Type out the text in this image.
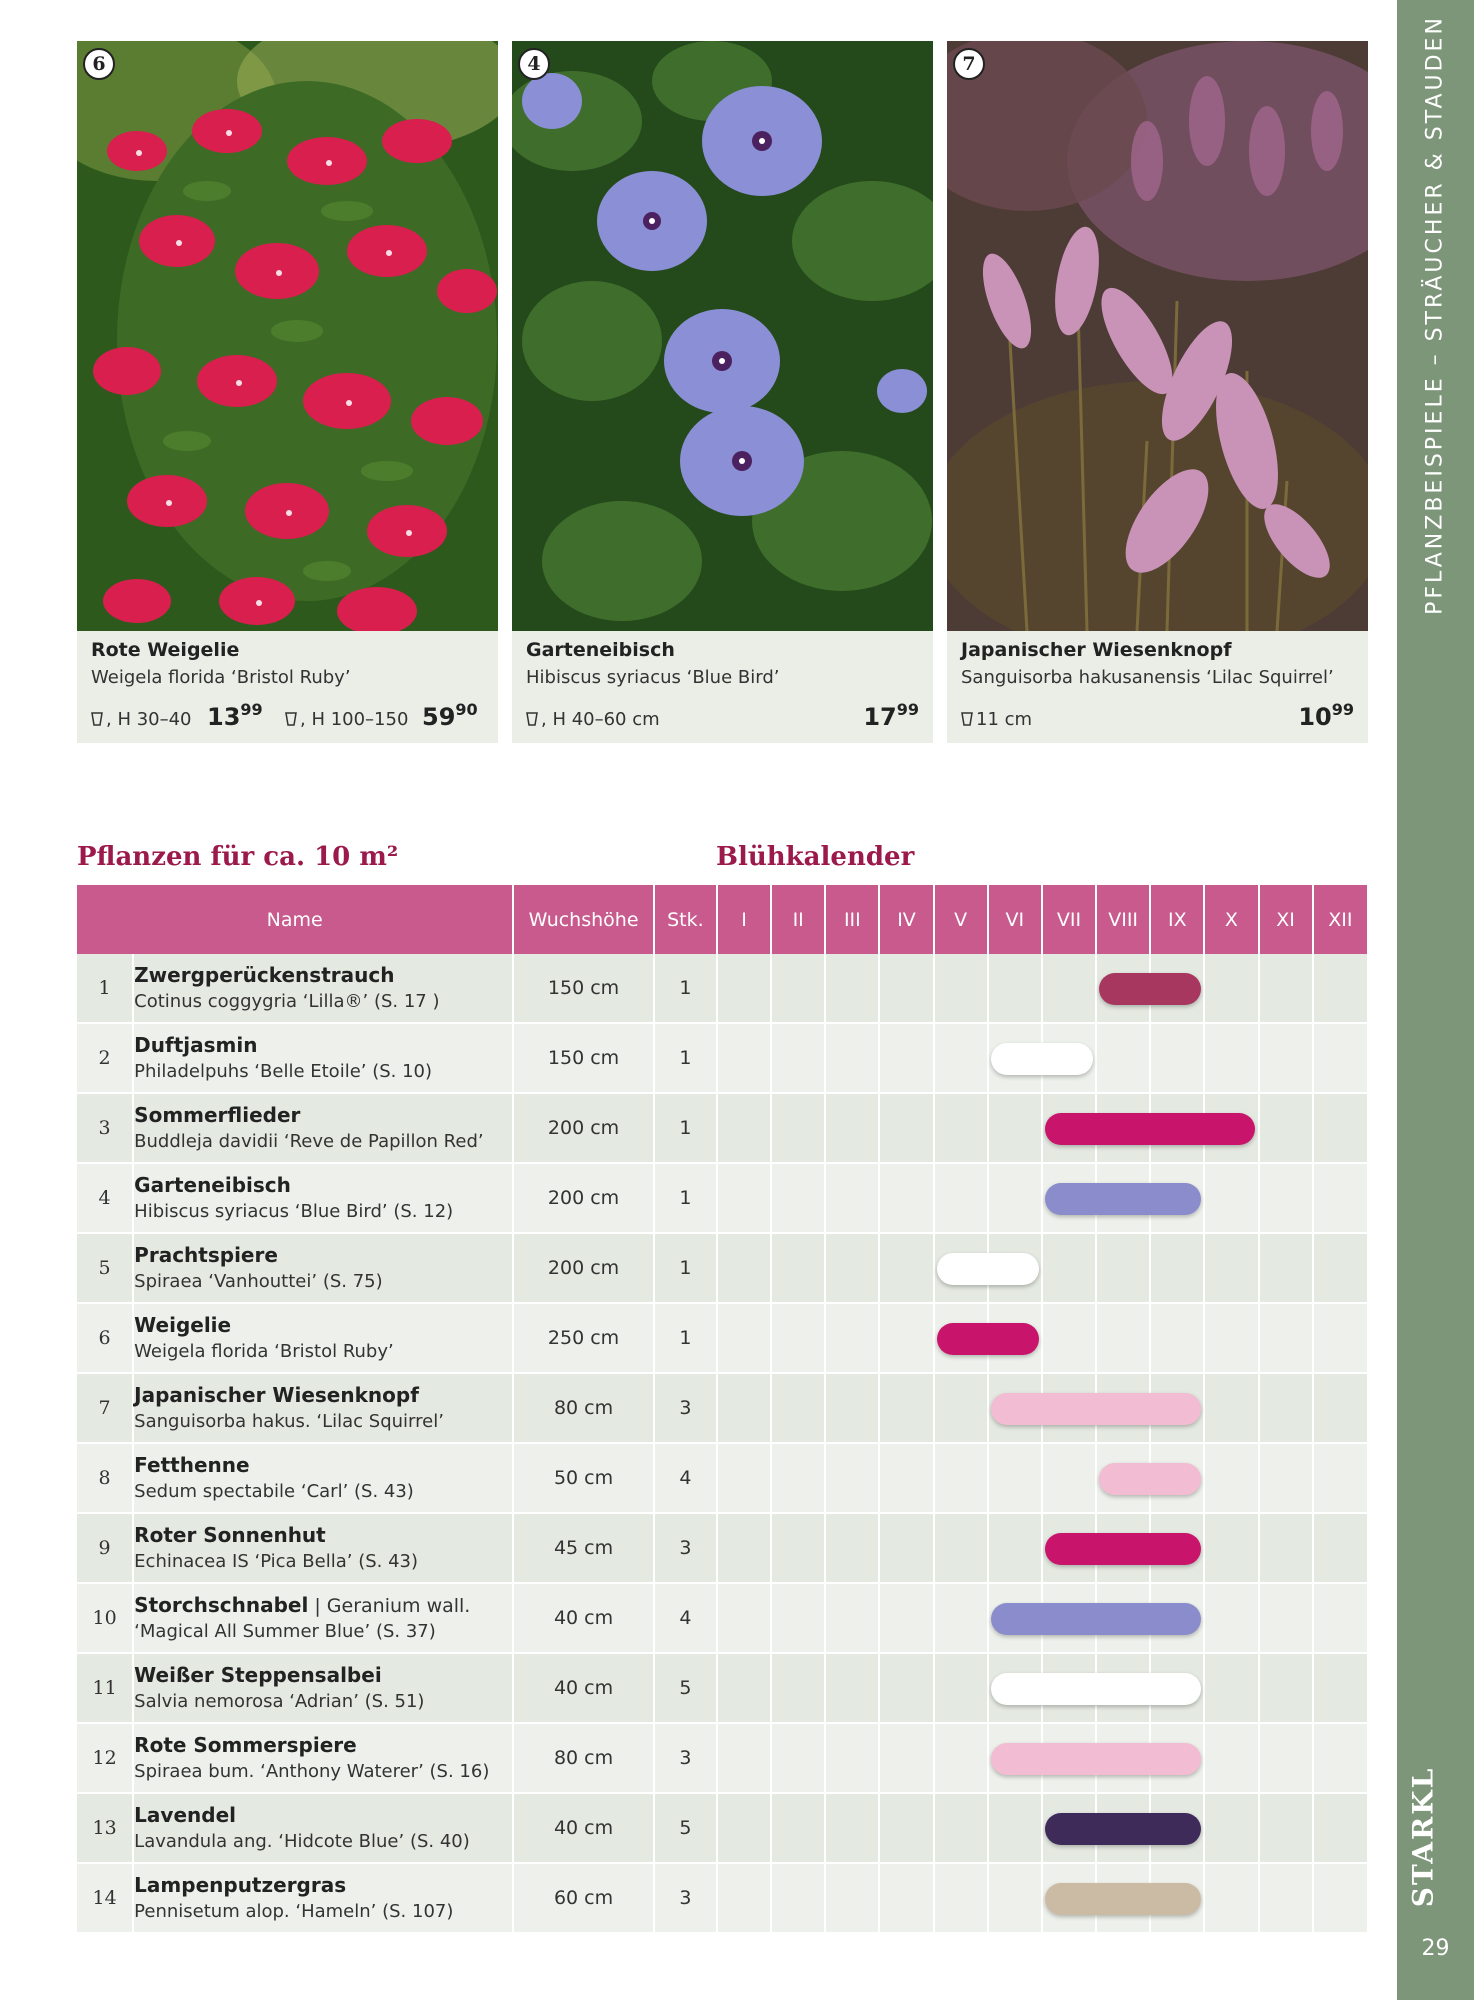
PFLANZBEISPIELE – STRÄUCHER & STAUDEN
STARKL
29
6
Rote Weigelie
Weigela florida ‘Bristol Ruby’
, H 30–40 $13^{99}$	, H 100–150 $59^{90}$
4
Garteneibisch
Hibiscus syriacus ‘Blue Bird’
, H 40–60 cm	$17^{99}$
7
Japanischer Wiesenknopf
Sanguisorba hakusanensis ‘Lilac Squirrel’
11 cm	$10^{99}$
Pflanzen für ca. 10 m²	Blühkalender
Name		Wuchshöhe	Stk.	I	II	III	IV	V	VI	VII	VIII	IX	X	XI	XII
1	Zwergperückenstrauch
Cotinus coggygria ‘Lilla®’ (S. 17 )	150 cm	1								

2	Duftjasmin
Philadelpuhs ‘Belle Etoile’ (S. 10)	150 cm	1						

3	Sommerflieder
Buddleja davidii ‘Reve de Papillon Red’	200 cm	1							

4	Garteneibisch
Hibiscus syriacus ‘Blue Bird’ (S. 12)	200 cm	1							

5	Prachtspiere
Spiraea ‘Vanhouttei’ (S. 75)	200 cm	1					

6	Weigelie
Weigela florida ‘Bristol Ruby’	250 cm	1					

7	Japanischer Wiesenknopf
Sanguisorba hakus. ‘Lilac Squirrel’	80 cm	3						

8	Fetthenne
Sedum spectabile ‘Carl’ (S. 43)	50 cm	4								

9	Roter Sonnenhut
Echinacea IS ‘Pica Bella’ (S. 43)	45 cm	3							

10	Storchschnabel | Geranium wall.
‘Magical All Summer Blue’ (S. 37)	40 cm	4						

11	Weißer Steppensalbei
Salvia nemorosa ‘Adrian’ (S. 51)	40 cm	5						

12	Rote Sommerspiere
Spiraea bum. ‘Anthony Waterer’ (S. 16)	80 cm	3						

13	Lavendel
Lavandula ang. ‘Hidcote Blue’ (S. 40)	40 cm	5							

14	Lampenputzergras
Pennisetum alop. ‘Hameln’ (S. 107)	60 cm	3							
